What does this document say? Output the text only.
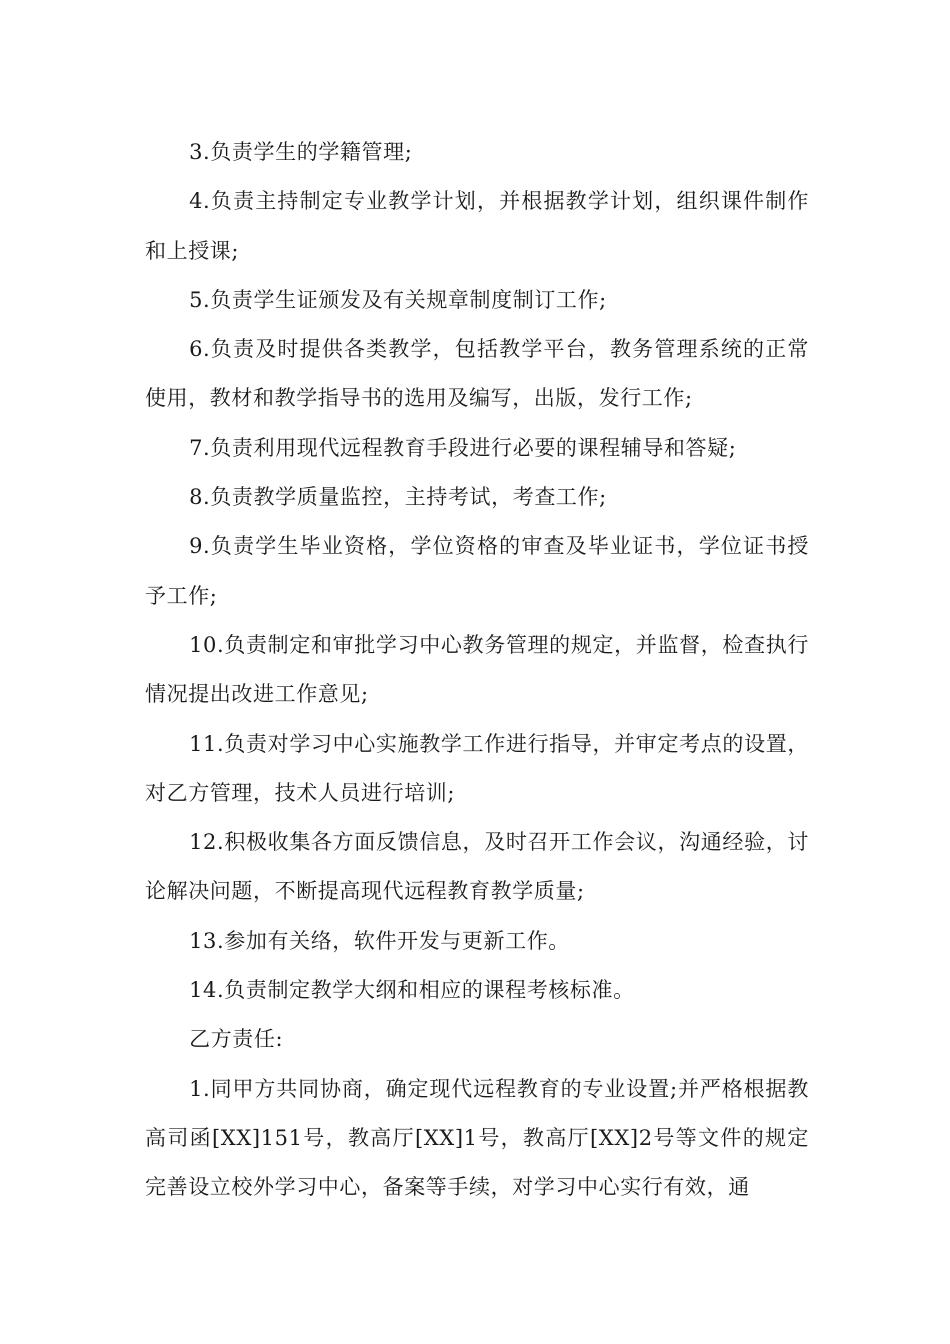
3.负责学生的学籍管理;

4.负责主持制定专业教学计划，并根据教学计划，组织课件制作和上授课;

5.负责学生证颁发及有关规章制度制订工作;

6.负责及时提供各类教学，包括教学平台，教务管理系统的正常使用，教材和教学指导书的选用及编写，出版，发行工作;

7.负责利用现代远程教育手段进行必要的课程辅导和答疑;

8.负责教学质量监控，主持考试，考查工作;

9.负责学生毕业资格，学位资格的审查及毕业证书，学位证书授予工作;

10.负责制定和审批学习中心教务管理的规定，并监督，检查执行情况提出改进工作意见;

11.负责对学习中心实施教学工作进行指导，并审定考点的设置，对乙方管理，技术人员进行培训;

12.积极收集各方面反馈信息，及时召开工作会议，沟通经验，讨论解决问题，不断提高现代远程教育教学质量;

13.参加有关络，软件开发与更新工作。

14.负责制定教学大纲和相应的课程考核标准。

乙方责任:

1.同甲方共同协商，确定现代远程教育的专业设置;并严格根据教高司函[XX]151号，教高厅[XX]1号，教高厅[XX]2号等文件的规定完善设立校外学习中心，备案等手续，对学习中心实行有效，通
